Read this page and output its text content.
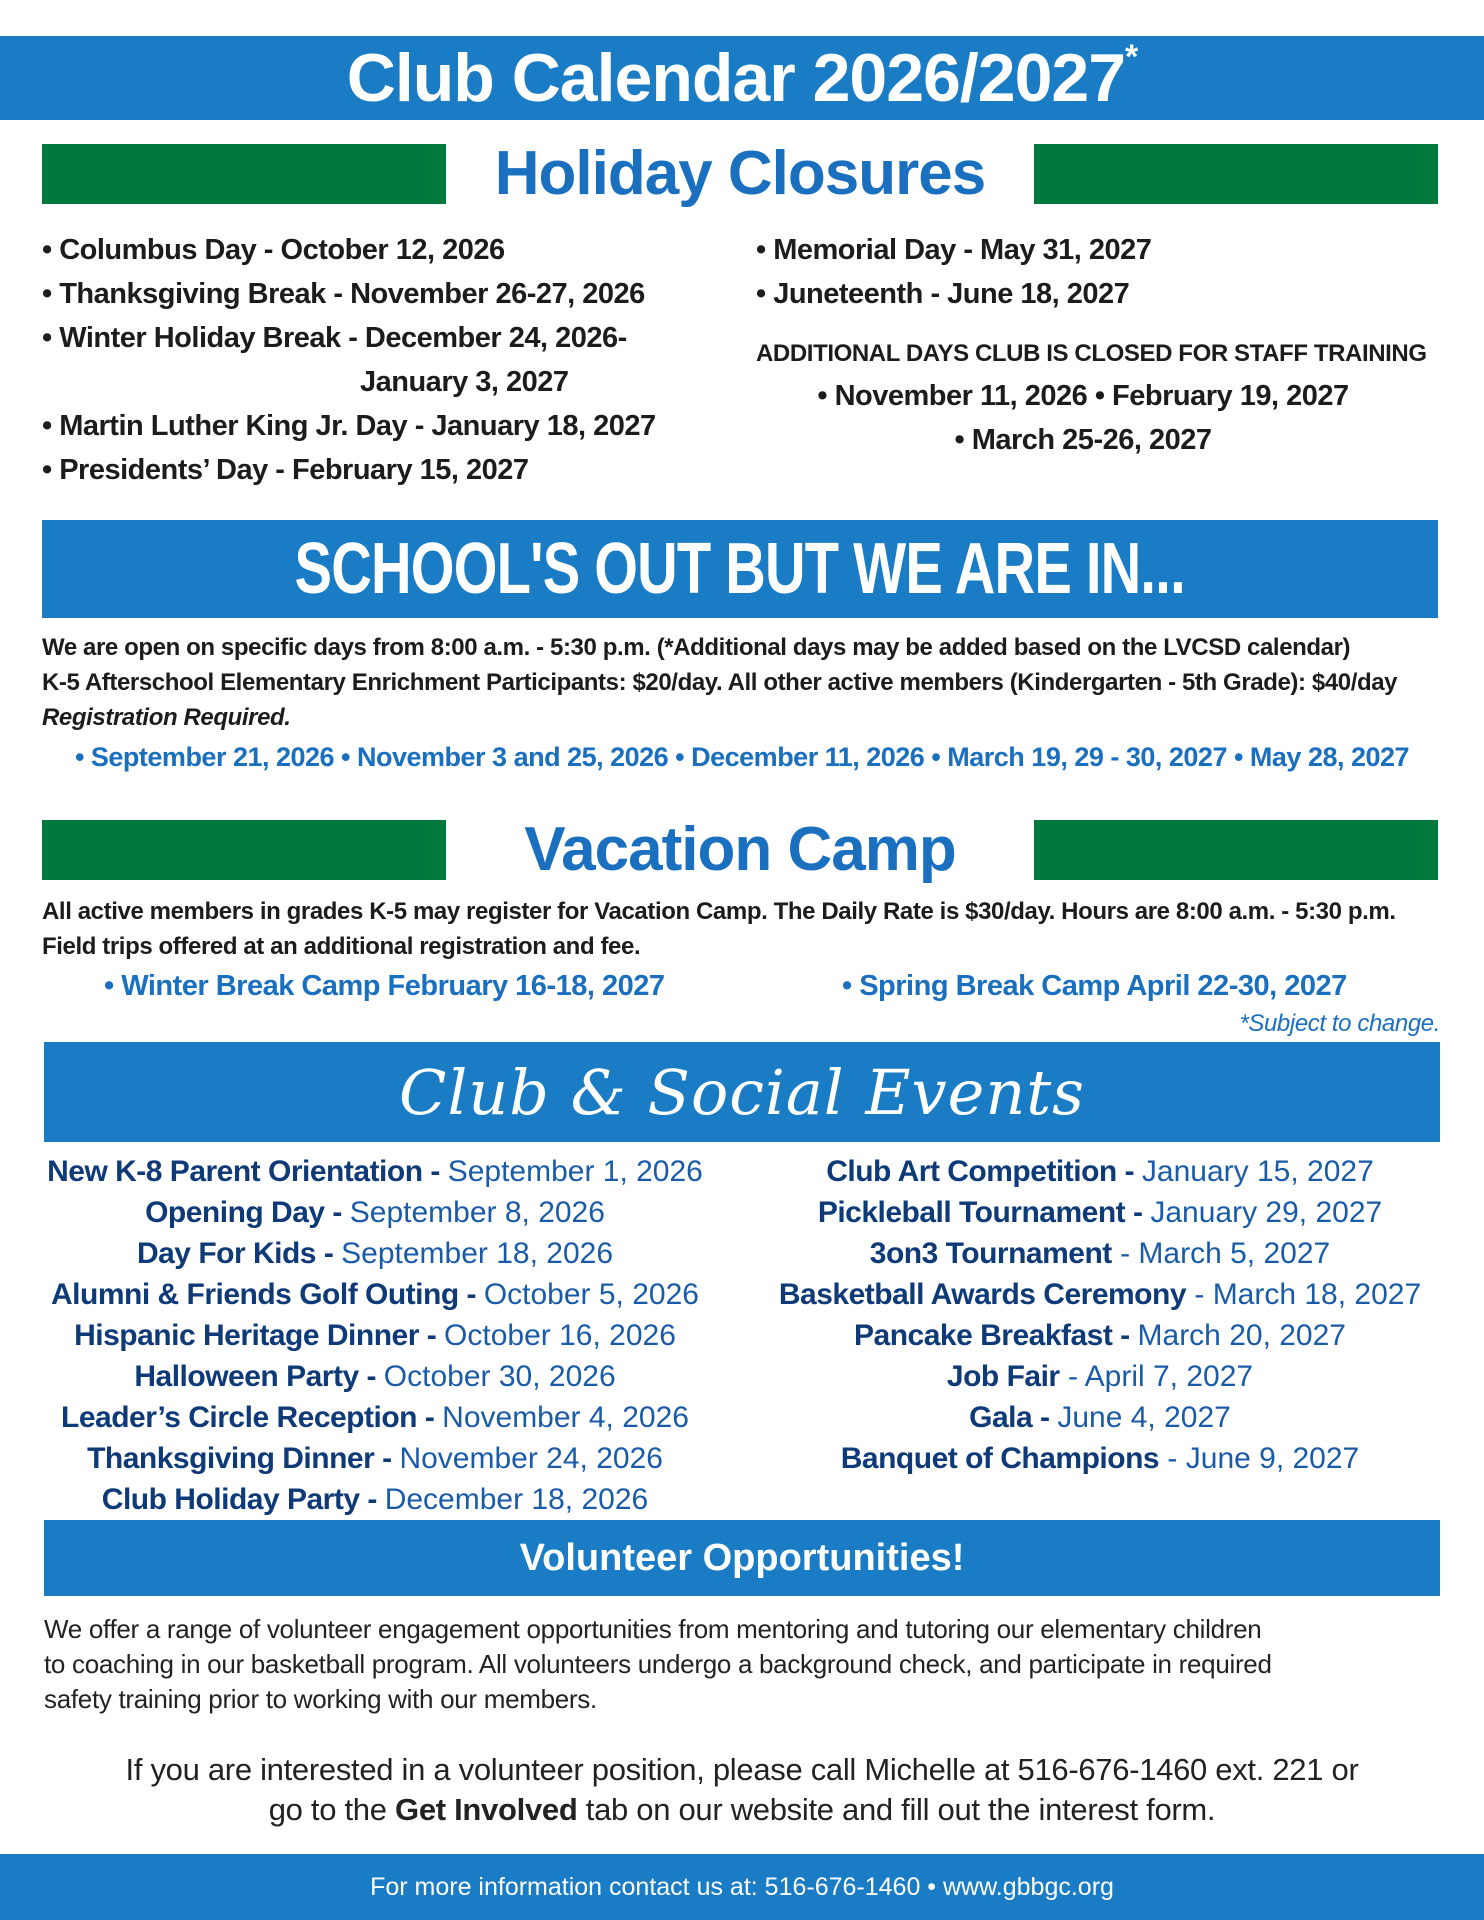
Club Calendar 2026/2027*
Holiday Closures
• Columbus Day - October 12, 2026
• Thanksgiving Break - November 26-27, 2026
• Winter Holiday Break - December 24, 2026-
January 3, 2027
• Martin Luther King Jr. Day - January 18, 2027
• Presidents’ Day - February 15, 2027
• Memorial Day - May 31, 2027
• Juneteenth - June 18, 2027
ADDITIONAL DAYS CLUB IS CLOSED FOR STAFF TRAINING
• November 11, 2026 • February 19, 2027
• March 25-26, 2027
SCHOOL'S OUT BUT WE ARE IN...
We are open on specific days from 8:00 a.m. - 5:30 p.m. (*Additional days may be added based on the LVCSD calendar)
K-5 Afterschool Elementary Enrichment Participants: $20/day. All other active members (Kindergarten - 5th Grade): $40/day
Registration Required.
• September 21, 2026 • November 3 and 25, 2026 • December 11, 2026 • March 19, 29 - 30, 2027 • May 28, 2027
Vacation Camp
All active members in grades K-5 may register for Vacation Camp. The Daily Rate is $30/day. Hours are 8:00 a.m. - 5:30 p.m.
Field trips offered at an additional registration and fee.
• Winter Break Camp February 16-18, 2027	• Spring Break Camp April 22-30, 2027
*Subject to change.
Club & Social Events
New K-8 Parent Orientation - September 1, 2026
Opening Day - September 8, 2026
Day For Kids - September 18, 2026
Alumni & Friends Golf Outing - October 5, 2026
Hispanic Heritage Dinner - October 16, 2026
Halloween Party - October 30, 2026
Leader’s Circle Reception - November 4, 2026
Thanksgiving Dinner - November 24, 2026
Club Holiday Party - December 18, 2026
Club Art Competition - January 15, 2027
Pickleball Tournament - January 29, 2027
3on3 Tournament - March 5, 2027
Basketball Awards Ceremony - March 18, 2027
Pancake Breakfast - March 20, 2027
Job Fair - April 7, 2027
Gala - June 4, 2027
Banquet of Champions - June 9, 2027
Volunteer Opportunities!
We offer a range of volunteer engagement opportunities from mentoring and tutoring our elementary children
to coaching in our basketball program. All volunteers undergo a background check, and participate in required
safety training prior to working with our members.
If you are interested in a volunteer position, please call Michelle at 516-676-1460 ext. 221 or
go to the Get Involved tab on our website and fill out the interest form.
For more information contact us at: 516-676-1460 • www.gbbgc.org
